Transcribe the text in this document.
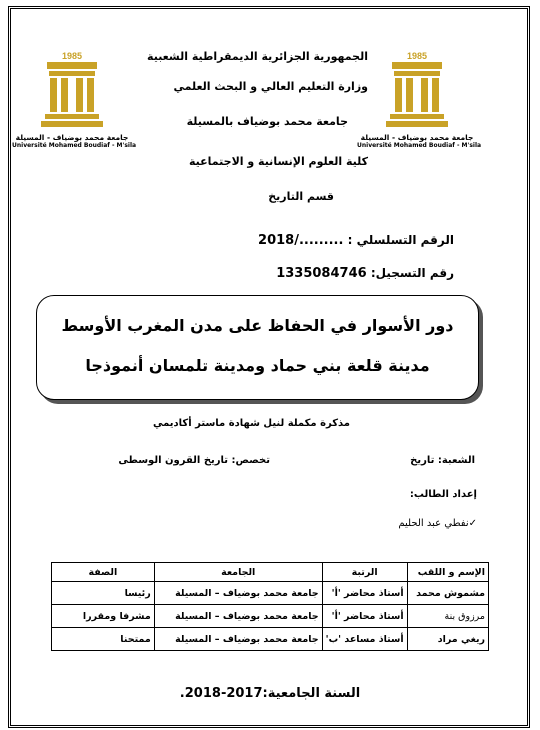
1985
جامعة محمد بوضياف - المسيلة
Université Mohamed Boudiaf - M'sila
1985
جامعة محمد بوضياف - المسيلة
Université Mohamed Boudiaf - M'sila
الجمهورية الجزائرية الديمقراطية الشعبية
وزارة التعليم العالي و البحث العلمي
جامعة محمد بوضياف بالمسيلة
كلية العلوم الإنسانية و الاجتماعية
قسم التاريخ
الرقم التسلسلي : ........./2018
رقم التسجيل: 1335084746
دور الأسوار في الحفاظ على مدن المغرب الأوسط
مدينة قلعة بني حماد ومدينة تلمسان أنموذجا
مذكرة مكملة لنيل شهادة ماستر أكاديمي
الشعبة: تاريخ
تخصص: تاريخ القرون الوسطى
إعداد الطالب:
✓نفطي عبد الحليم
الإسم و اللقب	الرتبة	الجامعة	الصفة
مشموش محمد	أستاذ محاضر 'أ'	جامعة محمد بوضياف – المسيلة	رئيسا
مرزوق بنة	أستاذ محاضر 'أ'	جامعة محمد بوضياف – المسيلة	مشرفا ومقررا
ريغي مراد	أستاذ مساعد 'ب'	جامعة محمد بوضياف – المسيلة	ممتحنا
السنة الجامعية:2017-2018.
